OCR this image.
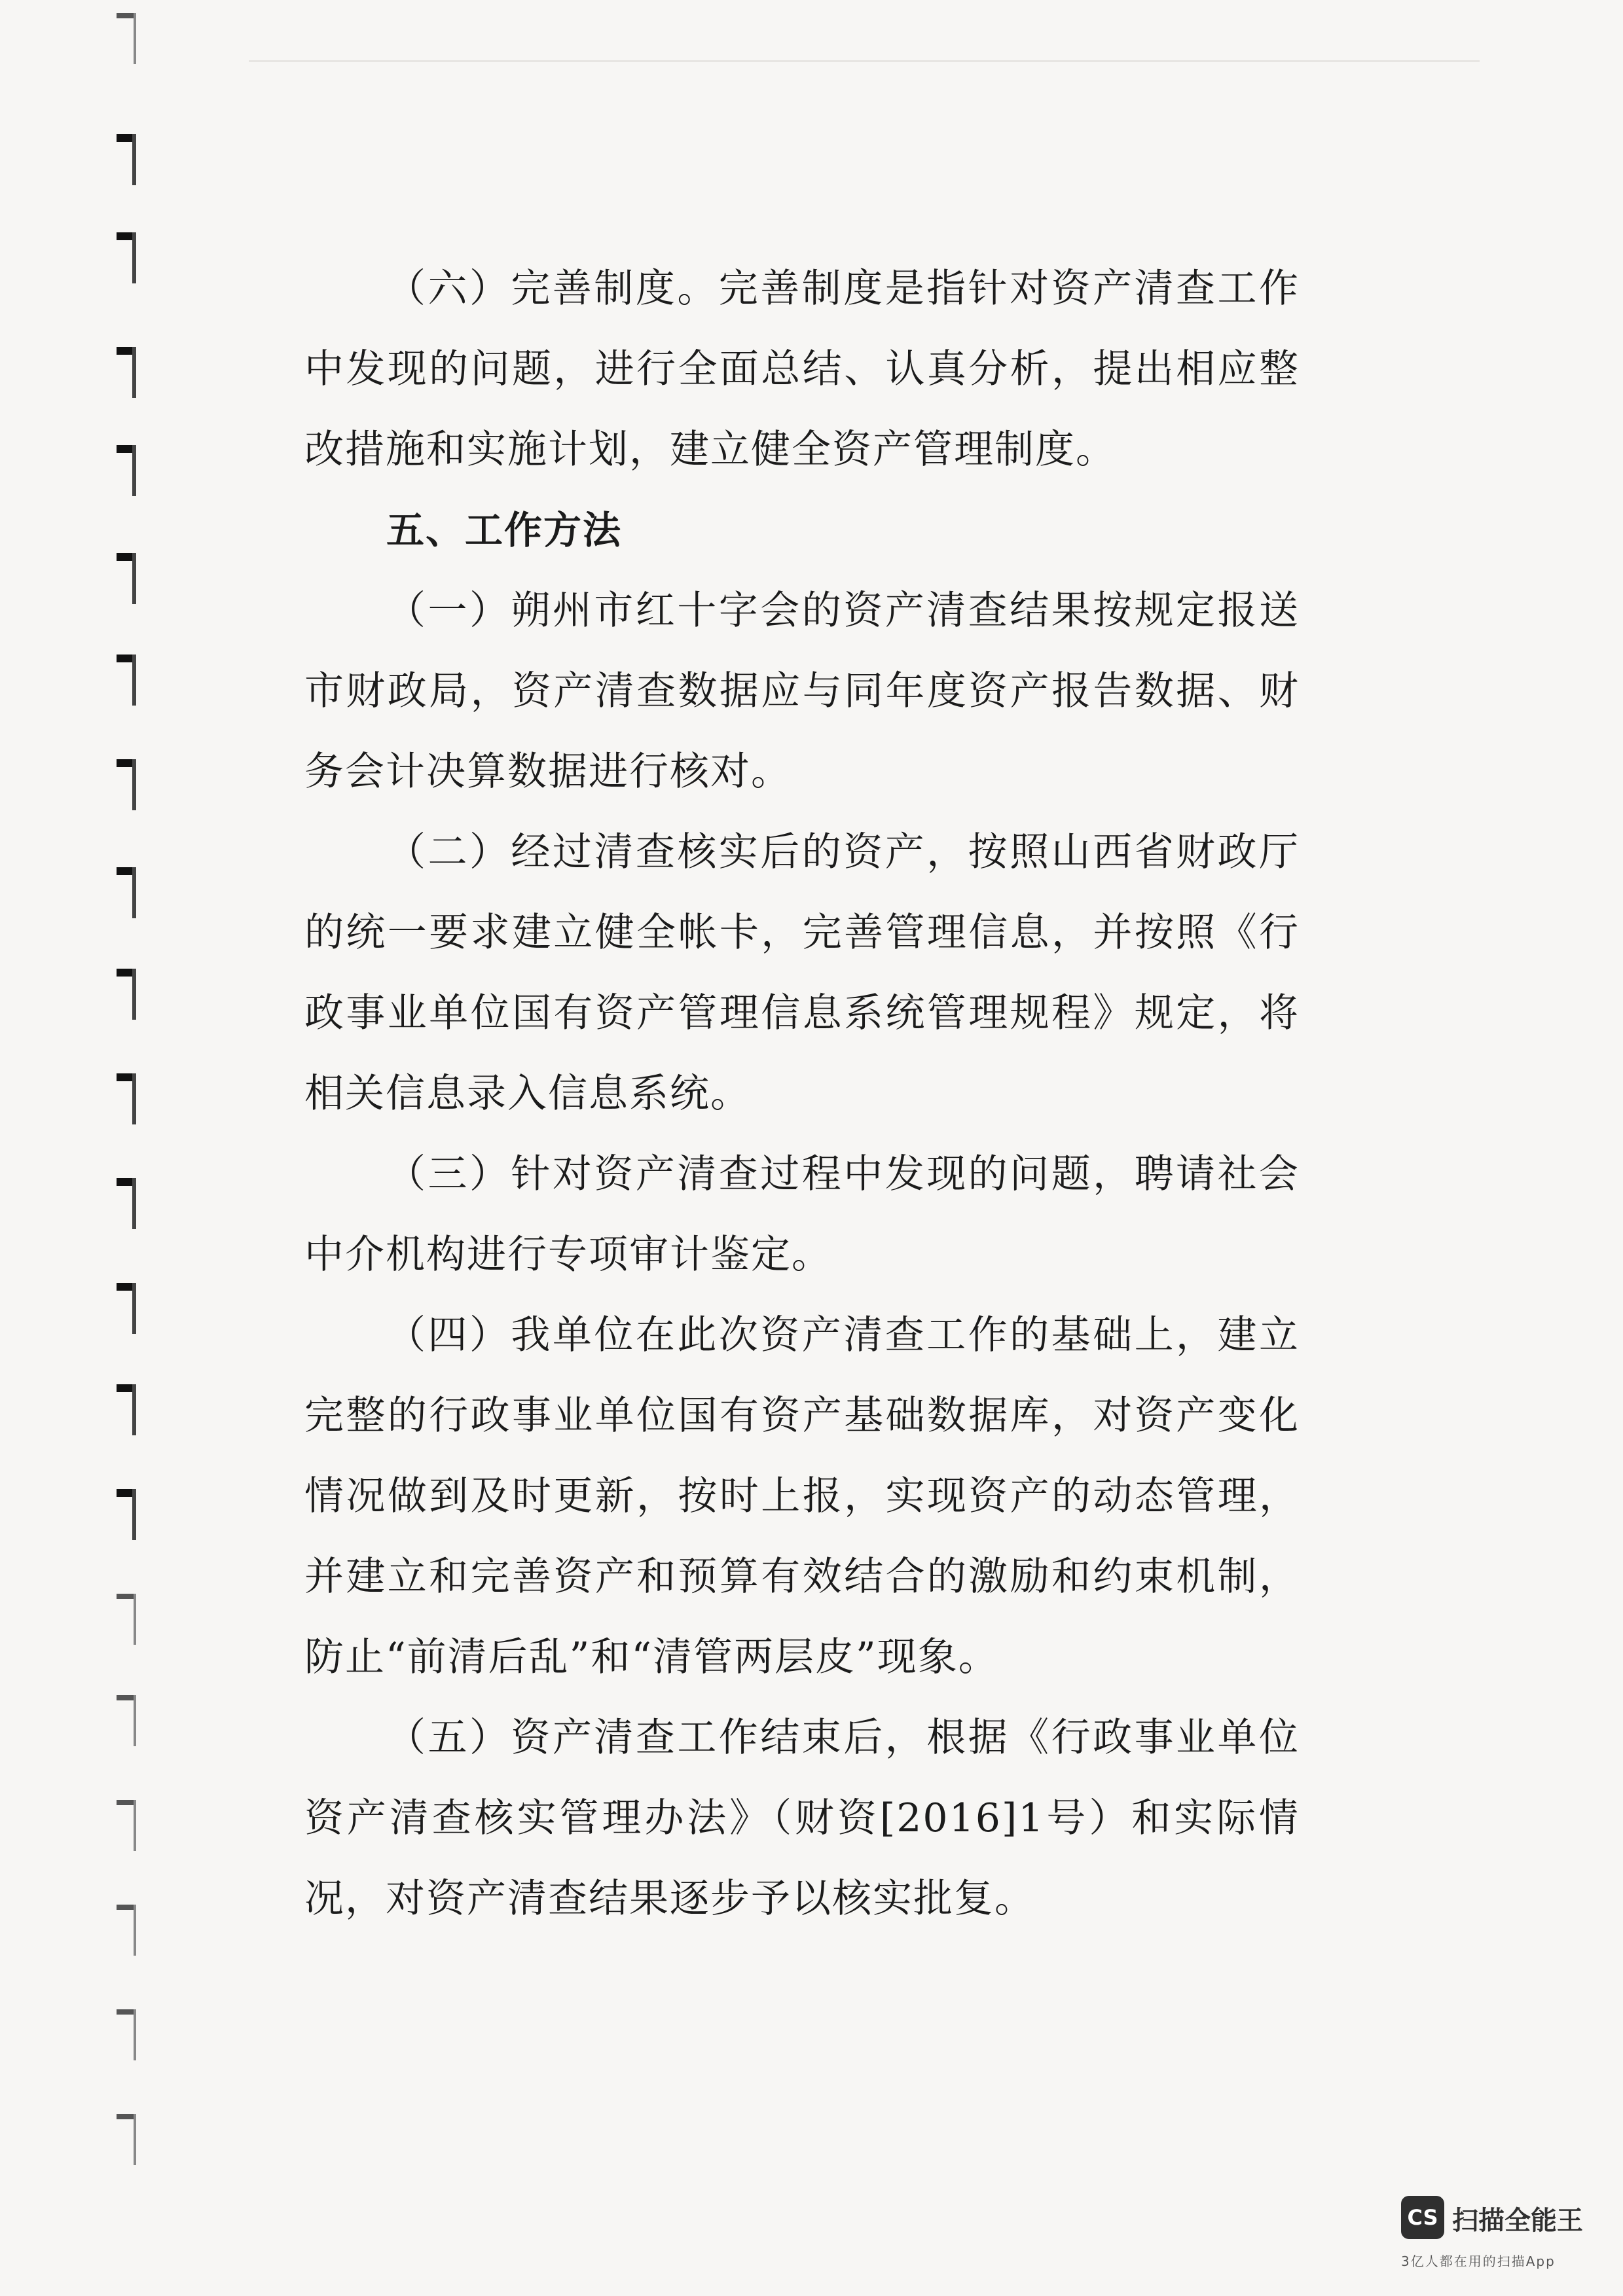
（六）完善制度。完善制度是指针对资产清查工作中发现的问题，进行全面总结、认真分析，提出相应整改措施和实施计划，建立健全资产管理制度。

五、工作方法

（一）朔州市红十字会的资产清查结果按规定报送市财政局，资产清查数据应与同年度资产报告数据、财务会计决算数据进行核对。

（二）经过清查核实后的资产，按照山西省财政厅的统一要求建立健全帐卡，完善管理信息，并按照《行政事业单位国有资产管理信息系统管理规程》规定，将相关信息录入信息系统。

（三）针对资产清查过程中发现的问题，聘请社会中介机构进行专项审计鉴定。

（四）我单位在此次资产清查工作的基础上，建立完整的行政事业单位国有资产基础数据库，对资产变化情况做到及时更新，按时上报，实现资产的动态管理，并建立和完善资产和预算有效结合的激励和约束机制，防止“前清后乱”和“清管两层皮”现象。

（五）资产清查工作结束后，根据《行政事业单位资产清查核实管理办法》（财资[2016]1号）和实际情况，对资产清查结果逐步予以核实批复。

CS 扫描全能王
3亿人都在用的扫描App
